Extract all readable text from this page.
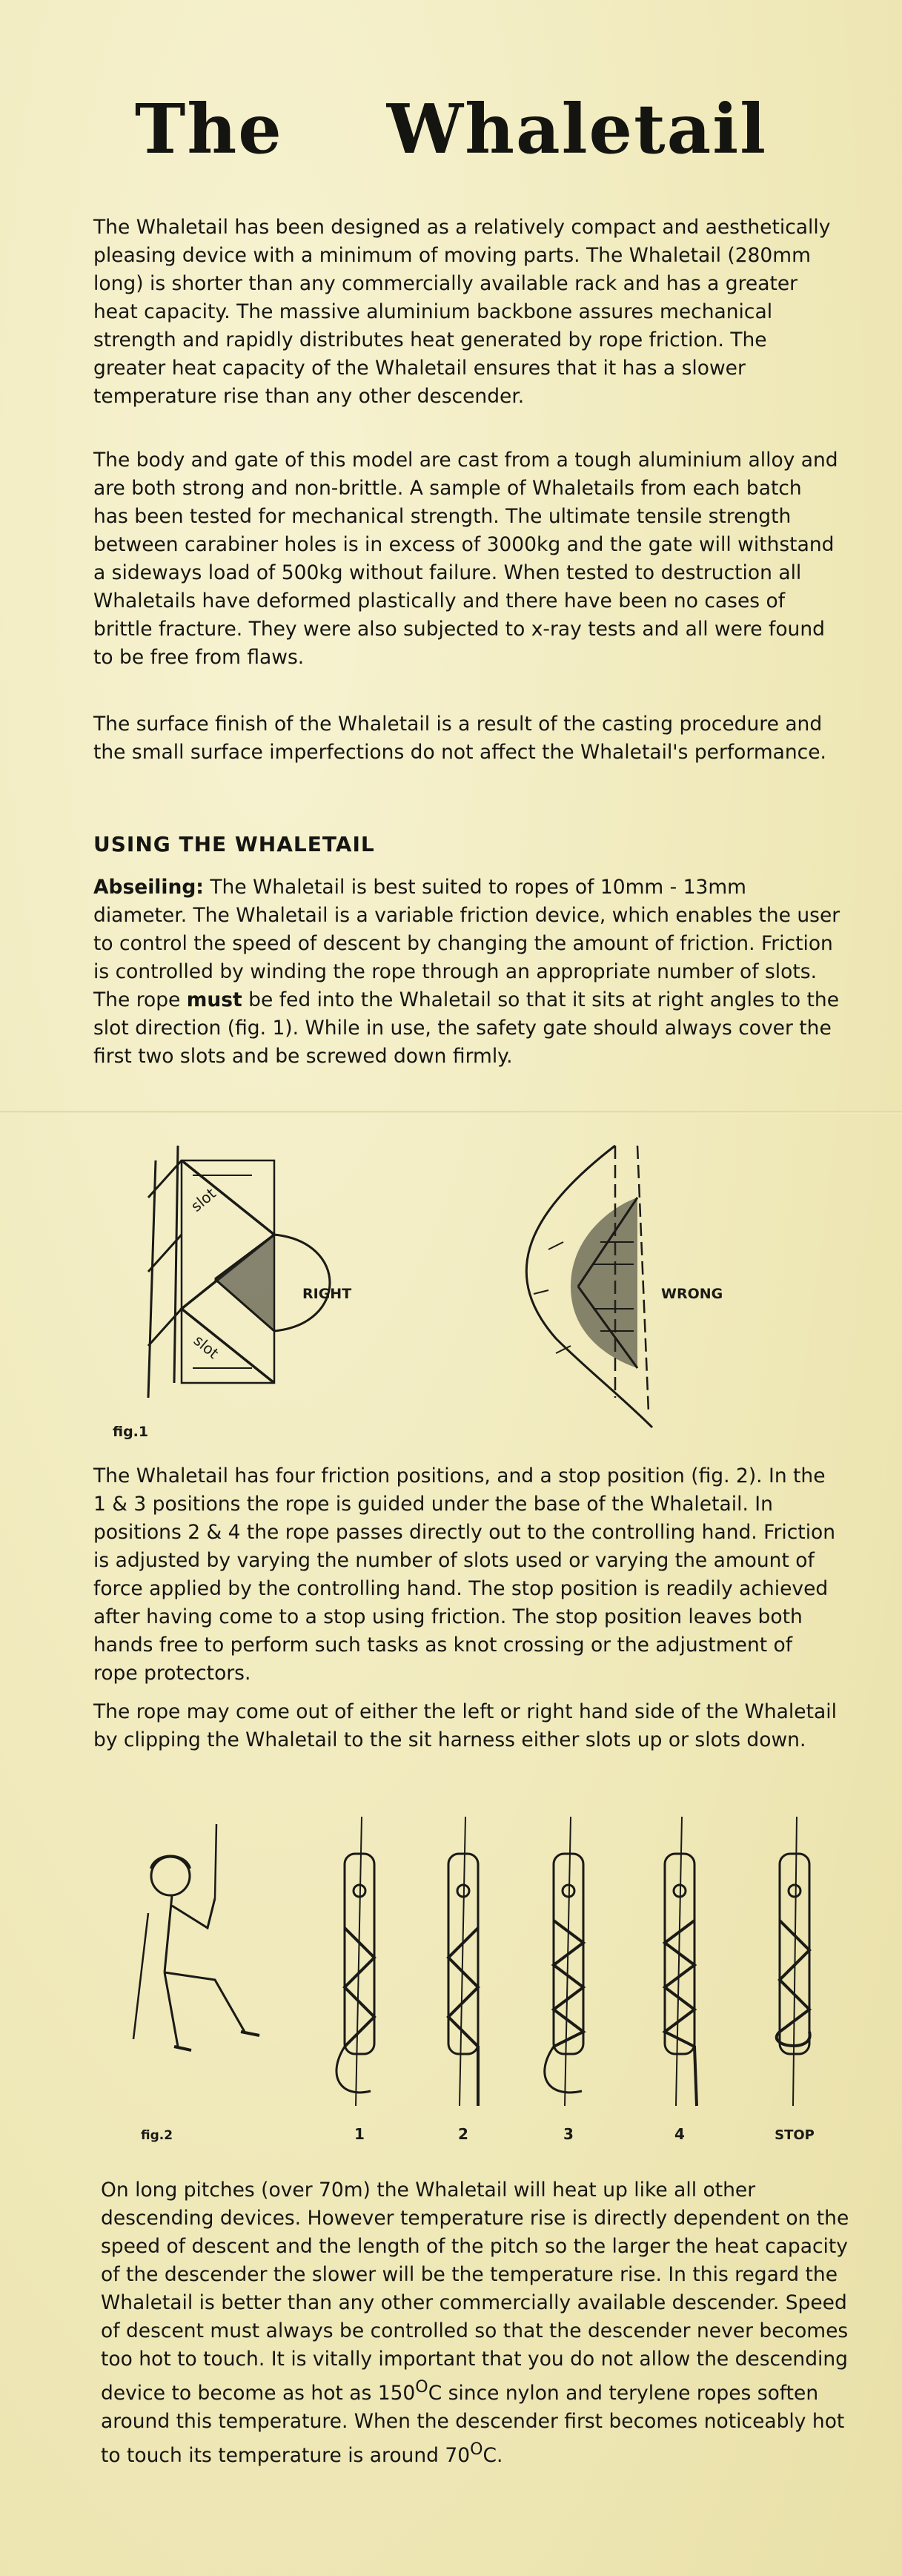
The Whaletail

The Whaletail has been designed as a relatively compact and aesthetically pleasing device with a minimum of moving parts. The Whaletail (280mm long) is shorter than any commercially available rack and has a greater heat capacity. The massive aluminium backbone assures mechanical strength and rapidly distributes heat generated by rope friction. The greater heat capacity of the Whaletail ensures that it has a slower temperature rise than any other descender.

The body and gate of this model are cast from a tough aluminium alloy and are both strong and non-brittle. A sample of Whaletails from each batch has been tested for mechanical strength. The ultimate tensile strength between carabiner holes is in excess of 3000kg and the gate will withstand a sideways load of 500kg without failure. When tested to destruction all Whaletails have deformed plastically and there have been no cases of brittle fracture. They were also subjected to x-ray tests and all were found to be free from flaws.

The surface finish of the Whaletail is a result of the casting procedure and the small surface imperfections do not affect the Whaletail's performance.

USING THE WHALETAIL

Abseiling: The Whaletail is best suited to ropes of 10mm - 13mm diameter. The Whaletail is a variable friction device, which enables the user to control the speed of descent by changing the amount of friction. Friction is controlled by winding the rope through an appropriate number of slots. The rope must be fed into the Whaletail so that it sits at right angles to the slot direction (fig. 1). While in use, the safety gate should always cover the first two slots and be screwed down firmly.

slot
slot
RIGHT	WRONG
fig.1

The Whaletail has four friction positions, and a stop position (fig. 2). In the 1 & 3 positions the rope is guided under the base of the Whaletail. In positions 2 & 4 the rope passes directly out to the controlling hand. Friction is adjusted by varying the number of slots used or varying the amount of force applied by the controlling hand. The stop position is readily achieved after having come to a stop using friction. The stop position leaves both hands free to perform such tasks as knot crossing or the adjustment of rope protectors.

The rope may come out of either the left or right hand side of the Whaletail by clipping the Whaletail to the sit harness either slots up or slots down.

fig.2	1	2	3	4	STOP

On long pitches (over 70m) the Whaletail will heat up like all other descending devices. However temperature rise is directly dependent on the speed of descent and the length of the pitch so the larger the heat capacity of the descender the slower will be the temperature rise. In this regard the Whaletail is better than any other commercially available descender. Speed of descent must always be controlled so that the descender never becomes too hot to touch. It is vitally important that you do not allow the descending device to become as hot as $150^OC$ since nylon and terylene ropes soften around this temperature. When the descender first becomes noticeably hot to touch its temperature is around $70^OC$.
